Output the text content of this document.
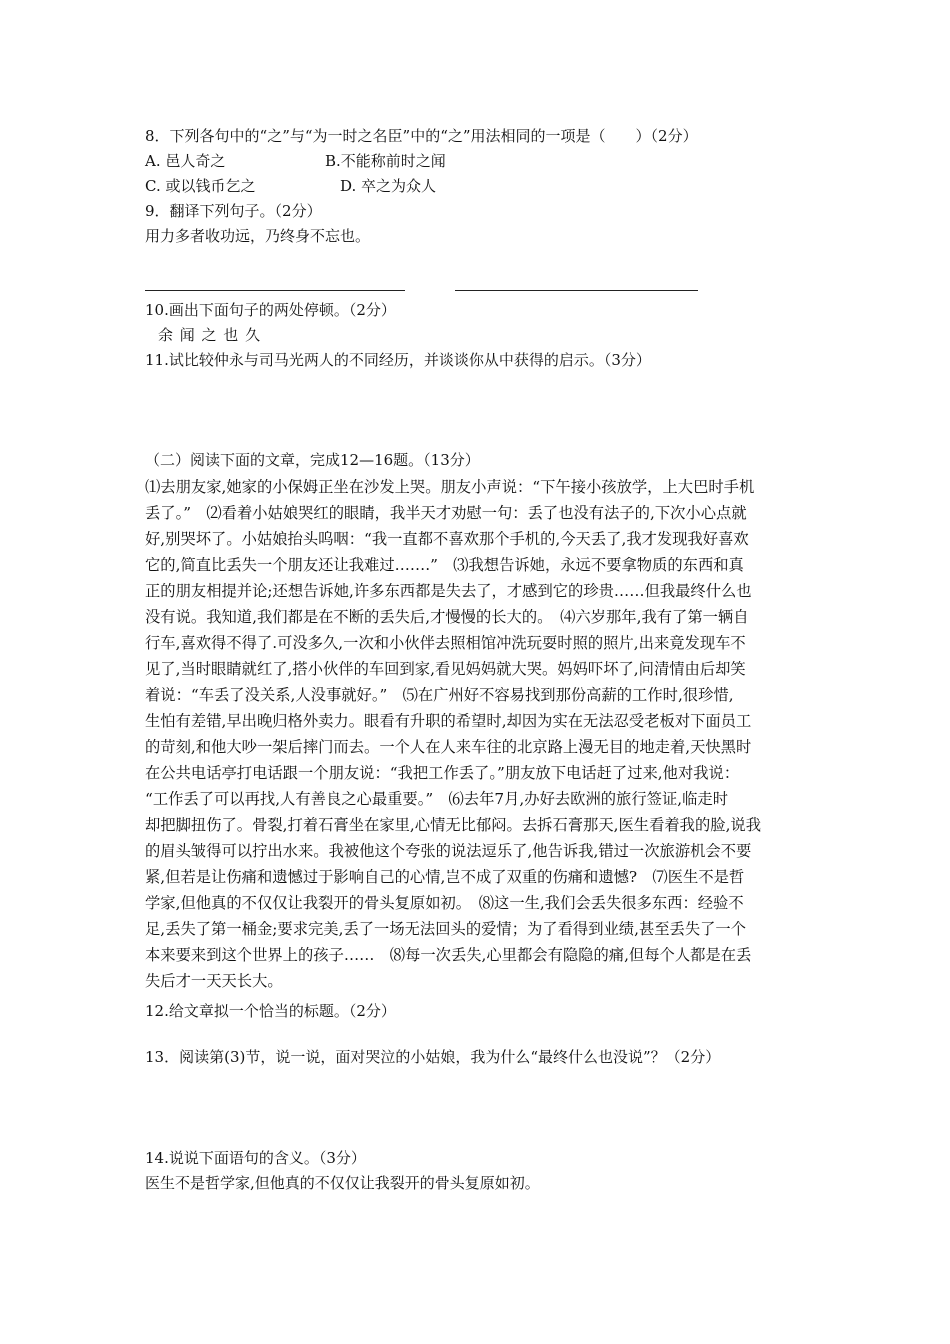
8．下列各句中的“之”与“为一时之名臣”中的“之”用法相同的一项是（　　）（2分）
A. 邑人奇之	B.不能称前时之闻
C. 或以钱币乞之	D. 卒之为众人
9．翻译下列句子。（2分）
用力多者收功远，乃终身不忘也。
10.画出下面句子的两处停顿。（2分）
余 闻 之 也 久
11.试比较仲永与司马光两人的不同经历，并谈谈你从中获得的启示。（3分）
（二）阅读下面的文章，完成12—16题。（13分）
⑴去朋友家,她家的小保姆正坐在沙发上哭。朋友小声说：“下午接小孩放学，上大巴时手机
丢了。”　⑵看着小姑娘哭红的眼睛，我半天才劝慰一句：丢了也没有法子的,下次小心点就
好,别哭坏了。小姑娘抬头呜咽：“我一直都不喜欢那个手机的,今天丢了,我才发现我好喜欢
它的,简直比丢失一个朋友还让我难过…….”　⑶我想告诉她，永远不要拿物质的东西和真
正的朋友相提并论;还想告诉她,许多东西都是失去了，才感到它的珍贵……但我最终什么也
没有说。我知道,我们都是在不断的丢失后,才慢慢的长大的。　⑷六岁那年,我有了第一辆自
行车,喜欢得不得了.可没多久,一次和小伙伴去照相馆冲洗玩耍时照的照片,出来竟发现车不
见了,当时眼睛就红了,搭小伙伴的车回到家,看见妈妈就大哭。妈妈吓坏了,问清情由后却笑
着说：“车丢了没关系,人没事就好。”　⑸在广州好不容易找到那份高薪的工作时,很珍惜,
生怕有差错,早出晚归格外卖力。眼看有升职的希望时,却因为实在无法忍受老板对下面员工
的苛刻,和他大吵一架后摔门而去。一个人在人来车往的北京路上漫无目的地走着,天快黑时
在公共电话亭打电话跟一个朋友说：“我把工作丢了。”朋友放下电话赶了过来,他对我说：
“工作丢了可以再找,人有善良之心最重要。”　⑹去年7月,办好去欧洲的旅行签证,临走时
却把脚扭伤了。骨裂,打着石膏坐在家里,心情无比郁闷。去拆石膏那天,医生看着我的脸,说我
的眉头皱得可以拧出水来。我被他这个夸张的说法逗乐了,他告诉我,错过一次旅游机会不要
紧,但若是让伤痛和遗憾过于影响自己的心情,岂不成了双重的伤痛和遗憾?　⑺医生不是哲
学家,但他真的不仅仅让我裂开的骨头复原如初。　⑻这一生,我们会丢失很多东西：经验不
足,丢失了第一桶金;要求完美,丢了一场无法回头的爱情；为了看得到业绩,甚至丢失了一个
本来要来到这个世界上的孩子……　⑻每一次丢失,心里都会有隐隐的痛,但每个人都是在丢
失后才一天天长大。
12.给文章拟一个恰当的标题。（2分）
13．阅读第(3)节，说一说，面对哭泣的小姑娘，我为什么“最终什么也没说”？（2分）
14.说说下面语句的含义。（3分）
医生不是哲学家,但他真的不仅仅让我裂开的骨头复原如初。
